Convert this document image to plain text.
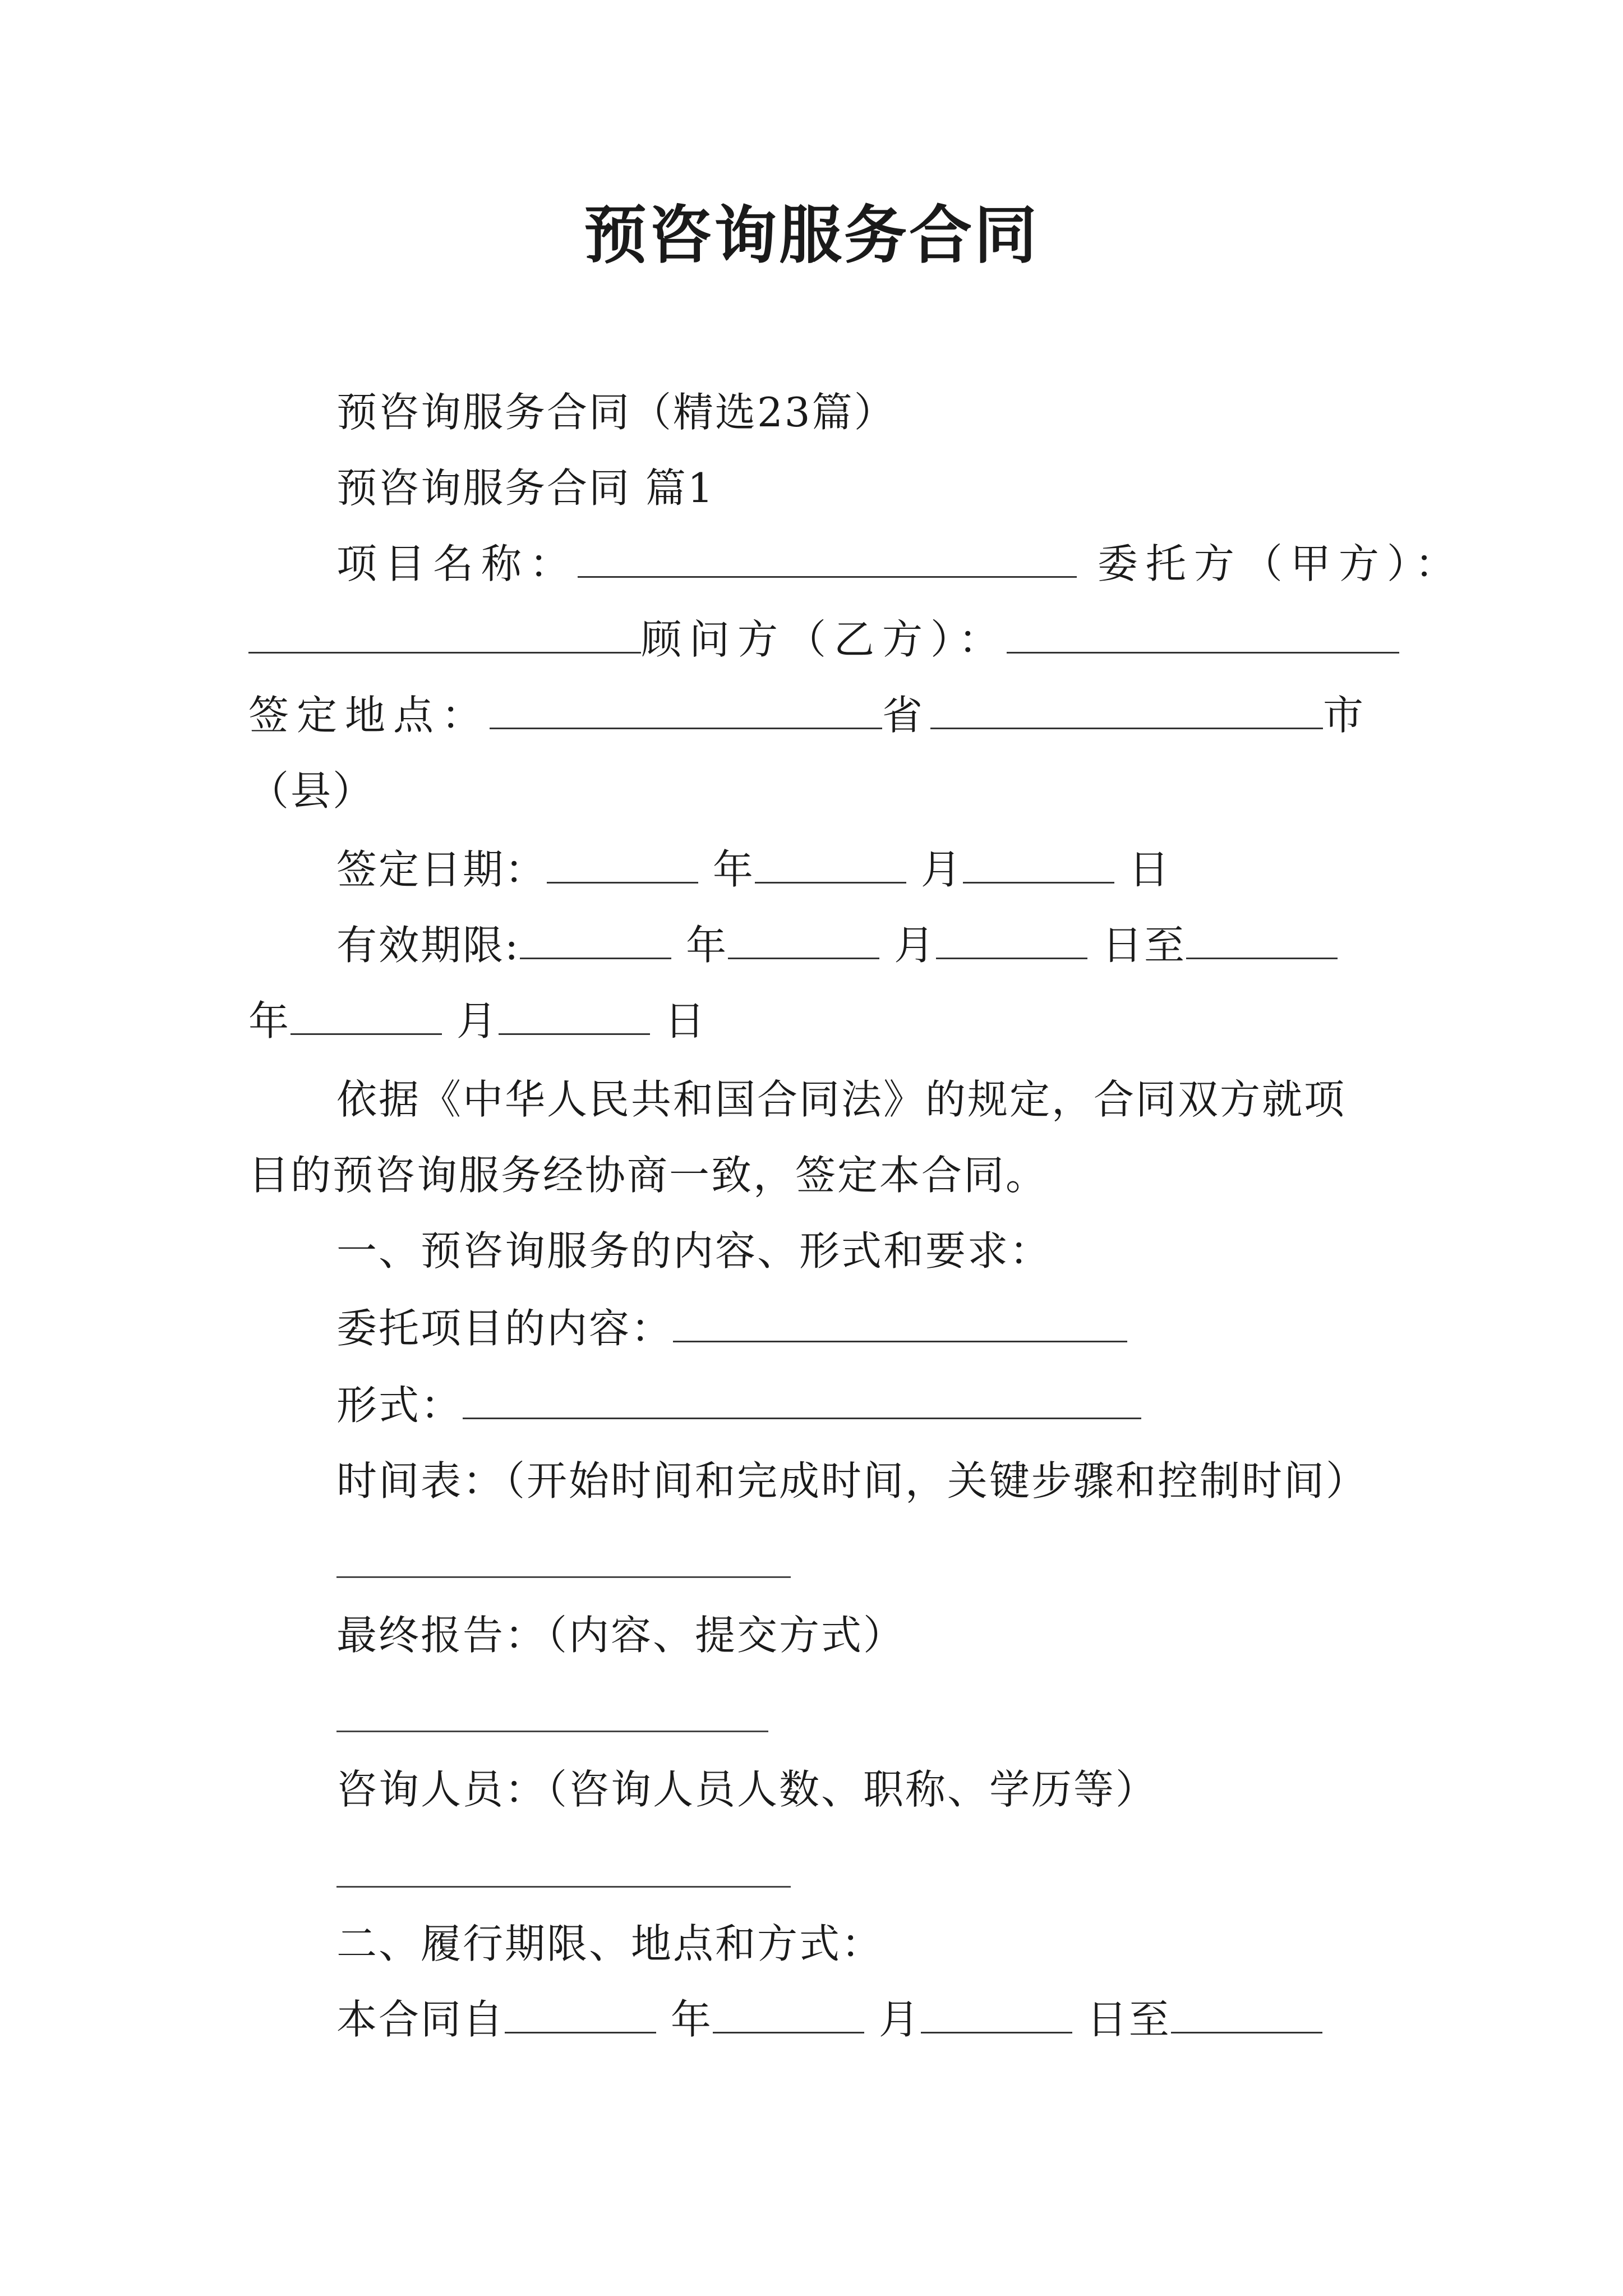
预咨询服务合同
预咨询服务合同（精选23篇）
预咨询服务合同 篇1
项目名称：	委托方（甲方）：
顾问方（乙方）：
签定地点：	省	市
（县）
签定日期：	年	月	日
有效期限:	年	月	日至
年	月	日
依据《中华人民共和国合同法》的规定，合同双方就项
目的预咨询服务经协商一致，签定本合同。
一、预咨询服务的内容、形式和要求：
委托项目的内容：
形式：
时间表：（开始时间和完成时间，关键步骤和控制时间）
最终报告：（内容、提交方式）
咨询人员：（咨询人员人数、职称、学历等）
二、履行期限、地点和方式：
本合同自	年	月	日至
